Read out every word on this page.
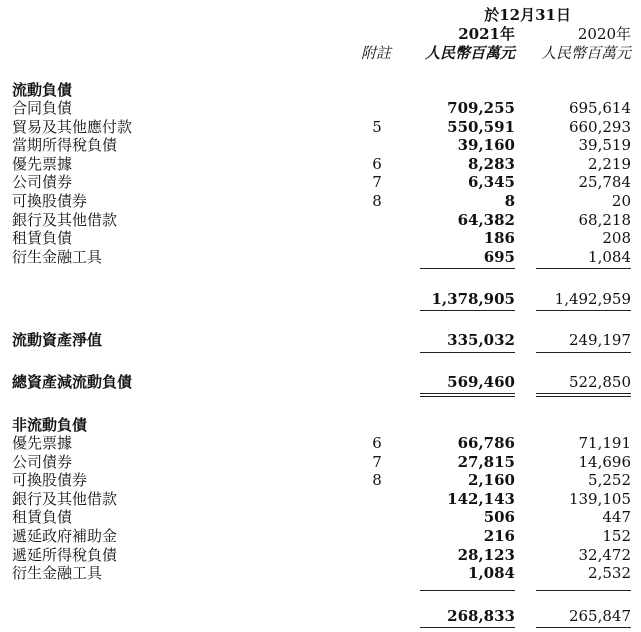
於12月31日
2021年	2020年
附註 人民幣百萬元 人民幣百萬元
流動負債
合同負債	709,255	695,614
貿易及其他應付款	5	550,591	660,293
當期所得稅負債	39,160	39,519
優先票據	6	8,283	2,219
公司債券	7	6,345	25,784
可換股債券	8	8	20
銀行及其他借款	64,382	68,218
租賃負債	186	208
衍生金融工具	695	1,084
1,378,905	1,492,959
流動資產淨值	335,032	249,197
總資產減流動負債	569,460	522,850
非流動負債
優先票據	6	66,786	71,191
公司債券	7	27,815	14,696
可換股債券	8	2,160	5,252
銀行及其他借款	142,143	139,105
租賃負債	506	447
遞延政府補助金	216	152
遞延所得稅負債	28,123	32,472
衍生金融工具	1,084	2,532
268,833	265,847
